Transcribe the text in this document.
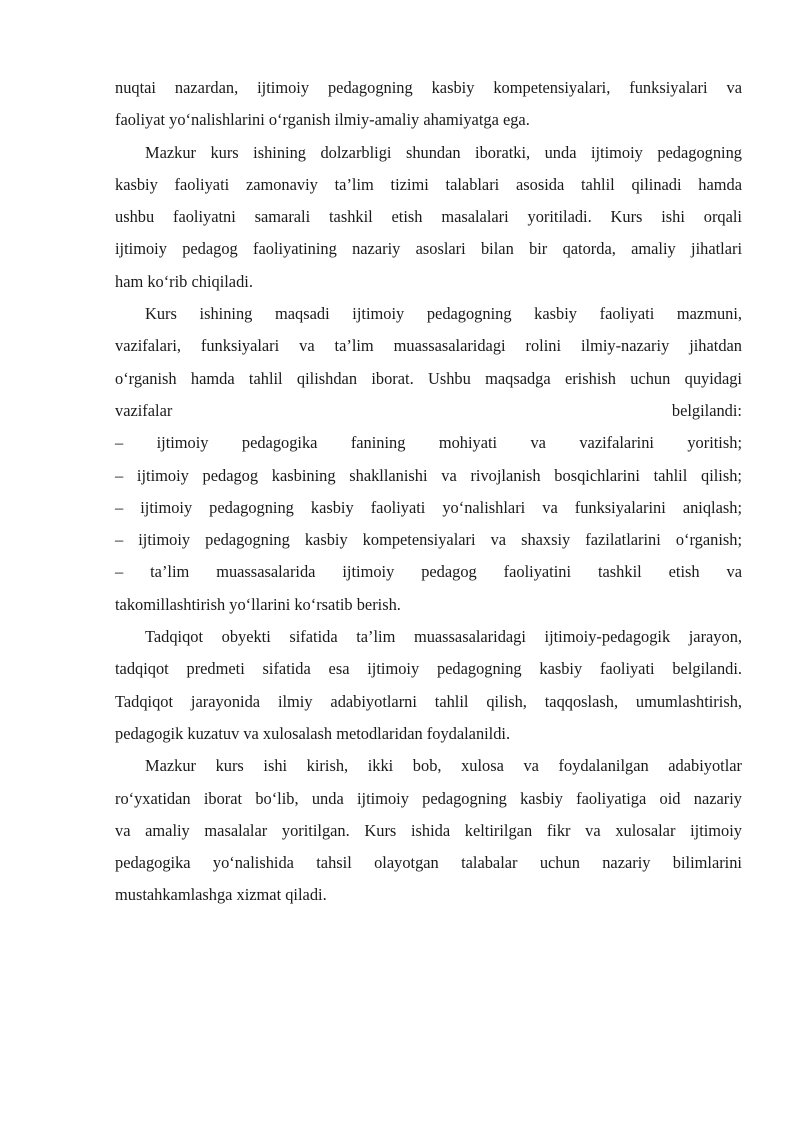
nuqtai nazardan, ijtimoiy pedagogning kasbiy kompetensiyalari, funksiyalari va
faoliyat yo‘nalishlarini o‘rganish ilmiy-amaliy ahamiyatga ega.
Mazkur kurs ishining dolzarbligi shundan iboratki, unda ijtimoiy pedagogning
kasbiy faoliyati zamonaviy ta’lim tizimi talablari asosida tahlil qilinadi hamda
ushbu faoliyatni samarali tashkil etish masalalari yoritiladi. Kurs ishi orqali
ijtimoiy pedagog faoliyatining nazariy asoslari bilan bir qatorda, amaliy jihatlari
ham ko‘rib chiqiladi.
Kurs ishining maqsadi ijtimoiy pedagogning kasbiy faoliyati mazmuni,
vazifalari, funksiyalari va ta’lim muassasalaridagi rolini ilmiy-nazariy jihatdan
o‘rganish hamda tahlil qilishdan iborat. Ushbu maqsadga erishish uchun quyidagi
vazifalar belgilandi:
– ijtimoiy pedagogika fanining mohiyati va vazifalarini yoritish;
– ijtimoiy pedagog kasbining shakllanishi va rivojlanish bosqichlarini tahlil qilish;
– ijtimoiy pedagogning kasbiy faoliyati yo‘nalishlari va funksiyalarini aniqlash;
– ijtimoiy pedagogning kasbiy kompetensiyalari va shaxsiy fazilatlarini o‘rganish;
– ta’lim muassasalarida ijtimoiy pedagog faoliyatini tashkil etish va
takomillashtirish yo‘llarini ko‘rsatib berish.
Tadqiqot obyekti sifatida ta’lim muassasalaridagi ijtimoiy-pedagogik jarayon,
tadqiqot predmeti sifatida esa ijtimoiy pedagogning kasbiy faoliyati belgilandi.
Tadqiqot jarayonida ilmiy adabiyotlarni tahlil qilish, taqqoslash, umumlashtirish,
pedagogik kuzatuv va xulosalash metodlaridan foydalanildi.
Mazkur kurs ishi kirish, ikki bob, xulosa va foydalanilgan adabiyotlar
ro‘yxatidan iborat bo‘lib, unda ijtimoiy pedagogning kasbiy faoliyatiga oid nazariy
va amaliy masalalar yoritilgan. Kurs ishida keltirilgan fikr va xulosalar ijtimoiy
pedagogika yo‘nalishida tahsil olayotgan talabalar uchun nazariy bilimlarini
mustahkamlashga xizmat qiladi.
